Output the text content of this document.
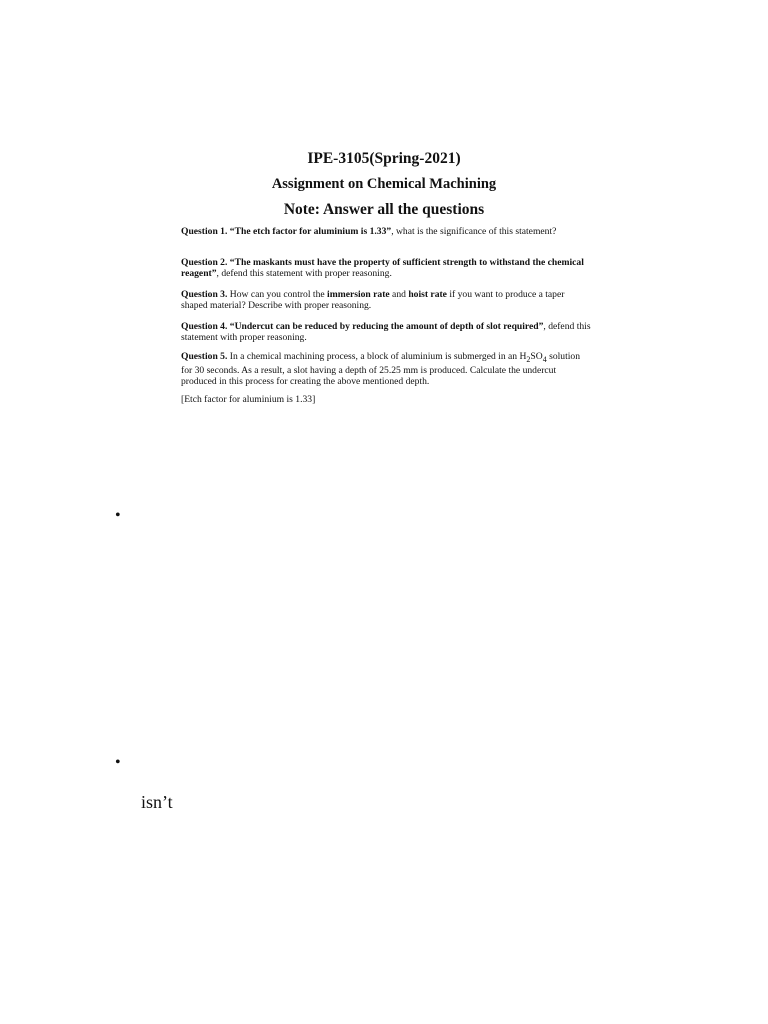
IPE-3105(Spring-2021)
Assignment on Chemical Machining
Note: Answer all the questions
Question 1. “The etch factor for aluminium is 1.33”, what is the significance of this statement?
Question 2. “The maskants must have the property of sufficient strength to withstand the chemical reagent”, defend this statement with proper reasoning.
Question 3. How can you control the immersion rate and hoist rate if you want to produce a taper shaped material? Describe with proper reasoning.
Question 4. “Undercut can be reduced by reducing the amount of depth of slot required”, defend this statement with proper reasoning.
Question 5. In a chemical machining process, a block of aluminium is submerged in an $H_2SO_4$ solution for 30 seconds. As a result, a slot having a depth of 25.25 mm is produced. Calculate the undercut produced in this process for creating the above mentioned depth.
[Etch factor for aluminium is 1.33]
•
•
isn’t
